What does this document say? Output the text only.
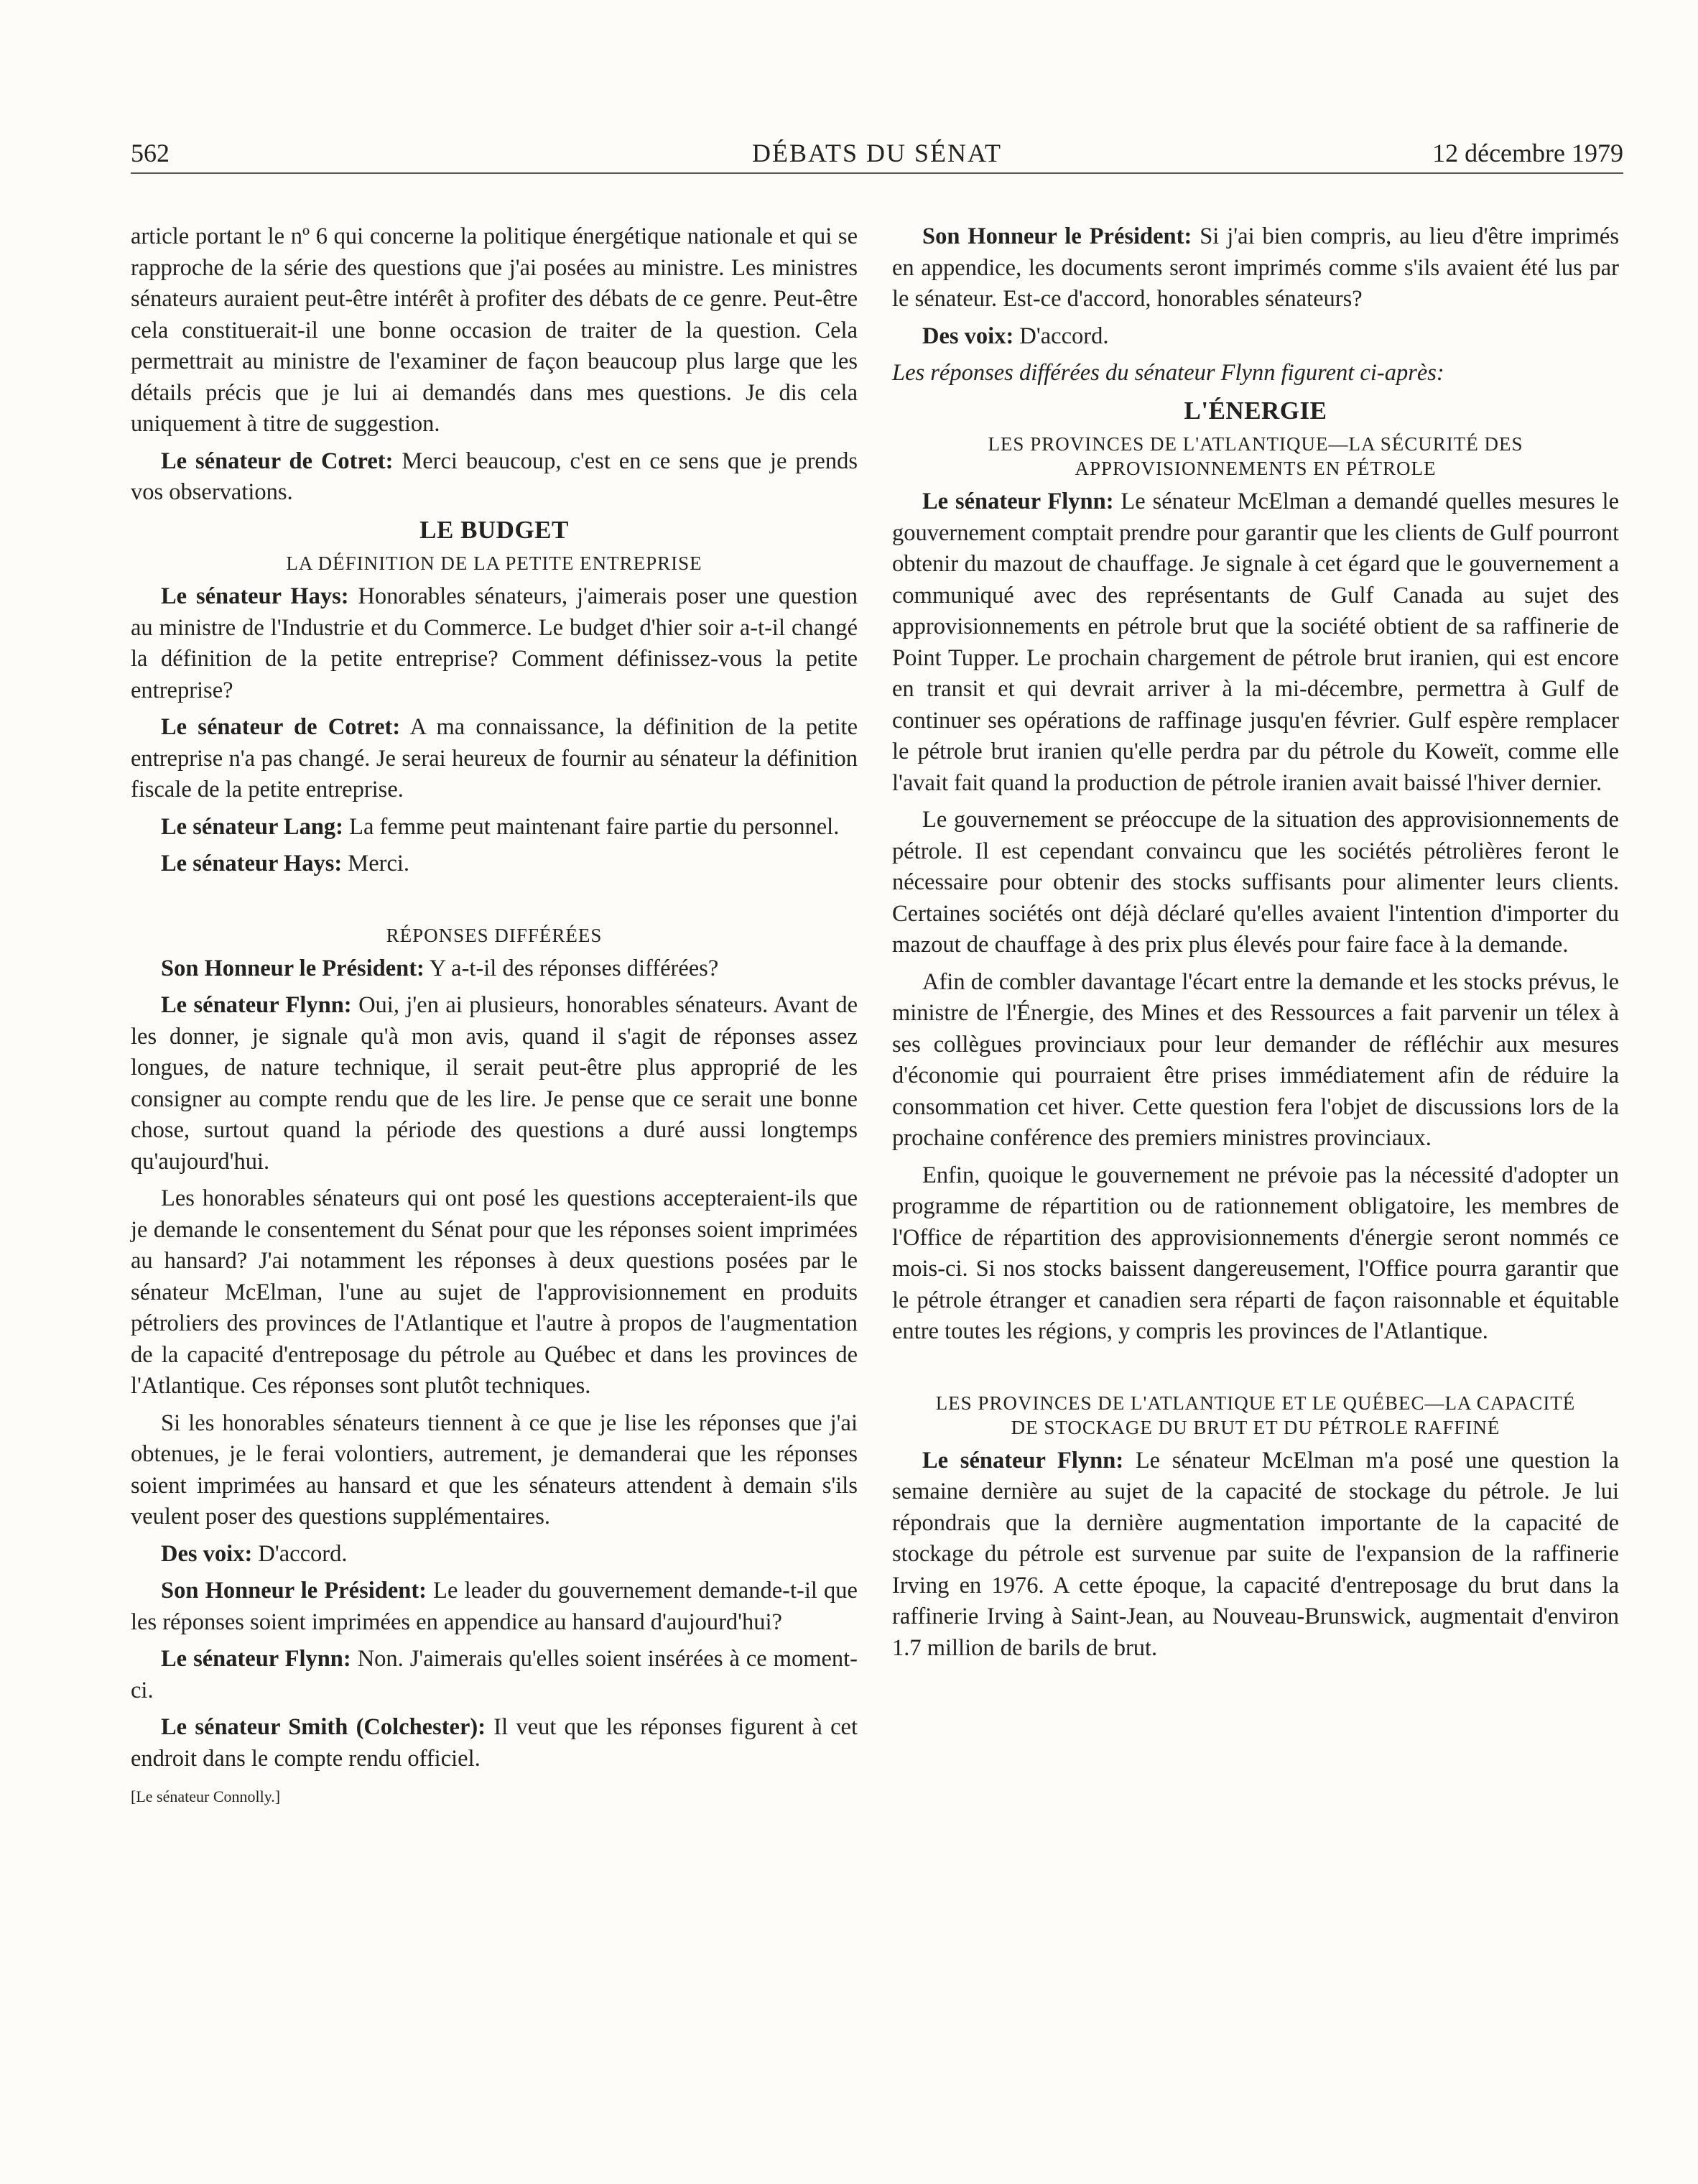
562	DÉBATS DU SÉNAT	12 décembre 1979

article portant le nº 6 qui concerne la politique énergétique nationale et qui se rapproche de la série des questions que j'ai posées au ministre. Les ministres sénateurs auraient peut-être intérêt à profiter des débats de ce genre. Peut-être cela constituerait-il une bonne occasion de traiter de la question. Cela permettrait au ministre de l'examiner de façon beaucoup plus large que les détails précis que je lui ai demandés dans mes questions. Je dis cela uniquement à titre de suggestion.

Le sénateur de Cotret: Merci beaucoup, c'est en ce sens que je prends vos observations.

LE BUDGET

LA DÉFINITION DE LA PETITE ENTREPRISE

Le sénateur Hays: Honorables sénateurs, j'aimerais poser une question au ministre de l'Industrie et du Commerce. Le budget d'hier soir a-t-il changé la définition de la petite entreprise? Comment définissez-vous la petite entreprise?

Le sénateur de Cotret: A ma connaissance, la définition de la petite entreprise n'a pas changé. Je serai heureux de fournir au sénateur la définition fiscale de la petite entreprise.

Le sénateur Lang: La femme peut maintenant faire partie du personnel.

Le sénateur Hays: Merci.

RÉPONSES DIFFÉRÉES

Son Honneur le Président: Y a-t-il des réponses différées?

Le sénateur Flynn: Oui, j'en ai plusieurs, honorables sénateurs. Avant de les donner, je signale qu'à mon avis, quand il s'agit de réponses assez longues, de nature technique, il serait peut-être plus approprié de les consigner au compte rendu que de les lire. Je pense que ce serait une bonne chose, surtout quand la période des questions a duré aussi longtemps qu'aujourd'hui.

Les honorables sénateurs qui ont posé les questions accepteraient-ils que je demande le consentement du Sénat pour que les réponses soient imprimées au hansard? J'ai notamment les réponses à deux questions posées par le sénateur McElman, l'une au sujet de l'approvisionnement en produits pétroliers des provinces de l'Atlantique et l'autre à propos de l'augmentation de la capacité d'entreposage du pétrole au Québec et dans les provinces de l'Atlantique. Ces réponses sont plutôt techniques.

Si les honorables sénateurs tiennent à ce que je lise les réponses que j'ai obtenues, je le ferai volontiers, autrement, je demanderai que les réponses soient imprimées au hansard et que les sénateurs attendent à demain s'ils veulent poser des questions supplémentaires.

Des voix: D'accord.

Son Honneur le Président: Le leader du gouvernement demande-t-il que les réponses soient imprimées en appendice au hansard d'aujourd'hui?

Le sénateur Flynn: Non. J'aimerais qu'elles soient insérées à ce moment-ci.

Le sénateur Smith (Colchester): Il veut que les réponses figurent à cet endroit dans le compte rendu officiel.

[Le sénateur Connolly.]

Son Honneur le Président: Si j'ai bien compris, au lieu d'être imprimés en appendice, les documents seront imprimés comme s'ils avaient été lus par le sénateur. Est-ce d'accord, honorables sénateurs?

Des voix: D'accord.

Les réponses différées du sénateur Flynn figurent ci-après:

L'ÉNERGIE

LES PROVINCES DE L'ATLANTIQUE—LA SÉCURITÉ DES
APPROVISIONNEMENTS EN PÉTROLE

Le sénateur Flynn: Le sénateur McElman a demandé quelles mesures le gouvernement comptait prendre pour garantir que les clients de Gulf pourront obtenir du mazout de chauffage. Je signale à cet égard que le gouvernement a communiqué avec des représentants de Gulf Canada au sujet des approvisionnements en pétrole brut que la société obtient de sa raffinerie de Point Tupper. Le prochain chargement de pétrole brut iranien, qui est encore en transit et qui devrait arriver à la mi-décembre, permettra à Gulf de continuer ses opérations de raffinage jusqu'en février. Gulf espère remplacer le pétrole brut iranien qu'elle perdra par du pétrole du Koweït, comme elle l'avait fait quand la production de pétrole iranien avait baissé l'hiver dernier.

Le gouvernement se préoccupe de la situation des approvisionnements de pétrole. Il est cependant convaincu que les sociétés pétrolières feront le nécessaire pour obtenir des stocks suffisants pour alimenter leurs clients. Certaines sociétés ont déjà déclaré qu'elles avaient l'intention d'importer du mazout de chauffage à des prix plus élevés pour faire face à la demande.

Afin de combler davantage l'écart entre la demande et les stocks prévus, le ministre de l'Énergie, des Mines et des Ressources a fait parvenir un télex à ses collègues provinciaux pour leur demander de réfléchir aux mesures d'économie qui pourraient être prises immédiatement afin de réduire la consommation cet hiver. Cette question fera l'objet de discussions lors de la prochaine conférence des premiers ministres provinciaux.

Enfin, quoique le gouvernement ne prévoie pas la nécessité d'adopter un programme de répartition ou de rationnement obligatoire, les membres de l'Office de répartition des approvisionnements d'énergie seront nommés ce mois-ci. Si nos stocks baissent dangereusement, l'Office pourra garantir que le pétrole étranger et canadien sera réparti de façon raisonnable et équitable entre toutes les régions, y compris les provinces de l'Atlantique.

LES PROVINCES DE L'ATLANTIQUE ET LE QUÉBEC—LA CAPACITÉ
DE STOCKAGE DU BRUT ET DU PÉTROLE RAFFINÉ

Le sénateur Flynn: Le sénateur McElman m'a posé une question la semaine dernière au sujet de la capacité de stockage du pétrole. Je lui répondrais que la dernière augmentation importante de la capacité de stockage du pétrole est survenue par suite de l'expansion de la raffinerie Irving en 1976. A cette époque, la capacité d'entreposage du brut dans la raffinerie Irving à Saint-Jean, au Nouveau-Brunswick, augmentait d'environ 1.7 million de barils de brut.
